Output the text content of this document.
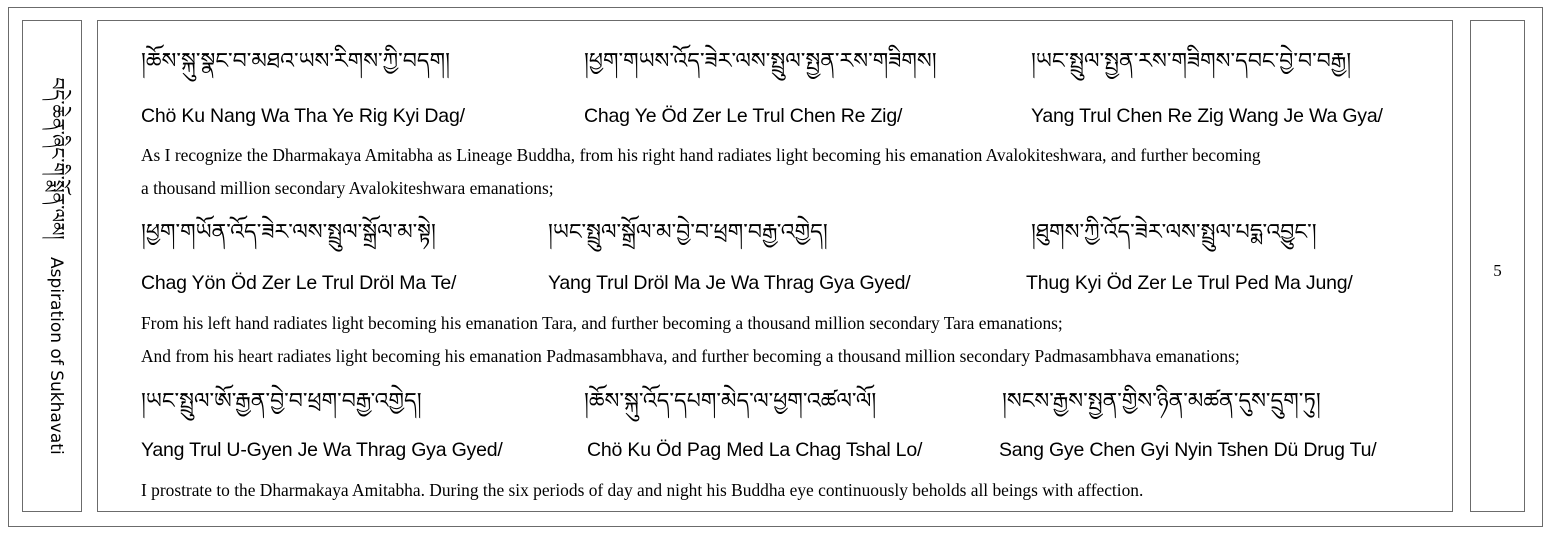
བདེ་ཆེན་ཞིང་གི་སྨོན་ལམ། Aspiration of Sukhavati	5
།ཆོས་སྐུ་སྣང་བ་མཐའ་ཡས་རིགས་ཀྱི་བདག།	།ཕྱག་གཡས་འོད་ཟེར་ལས་སྤྲུལ་སྤྱན་རས་གཟིགས།	།ཡང་སྤྲུལ་སྤྱན་རས་གཟིགས་དབང་བྱེ་བ་བརྒྱ།
Chö Ku Nang Wa Tha Ye Rig Kyi Dag/	Chag Ye Öd Zer Le Trul Chen Re Zig/	Yang Trul Chen Re Zig Wang Je Wa Gya/
As I recognize the Dharmakaya Amitabha as Lineage Buddha, from his right hand radiates light becoming his emanation Avalokiteshwara, and further becoming
a thousand million secondary Avalokiteshwara emanations;
།ཕྱག་གཡོན་འོད་ཟེར་ལས་སྤྲུལ་སྒྲོལ་མ་སྟེ།	།ཡང་སྤྲུལ་སྒྲོལ་མ་བྱེ་བ་ཕྲག་བརྒྱ་འགྱེད།	།ཐུགས་ཀྱི་འོད་ཟེར་ལས་སྤྲུལ་པདྨ་འབྱུང་།
Chag Yön Öd Zer Le Trul Dröl Ma Te/	Yang Trul Dröl Ma Je Wa Thrag Gya Gyed/	Thug Kyi Öd Zer Le Trul Ped Ma Jung/
From his left hand radiates light becoming his emanation Tara, and further becoming a thousand million secondary Tara emanations;
And from his heart radiates light becoming his emanation Padmasambhava, and further becoming a thousand million secondary Padmasambhava emanations;
།ཡང་སྤྲུལ་ཨོ་རྒྱན་བྱེ་བ་ཕྲག་བརྒྱ་འགྱེད།	།ཆོས་སྐུ་འོད་དཔག་མེད་ལ་ཕྱག་འཚལ་ལོ།	།སངས་རྒྱས་སྤྱན་གྱིས་ཉིན་མཚན་དུས་དྲུག་ཏུ།
Yang Trul U-Gyen Je Wa Thrag Gya Gyed/	Chö Ku Öd Pag Med La Chag Tshal Lo/	Sang Gye Chen Gyi Nyin Tshen Dü Drug Tu/
I prostrate to the Dharmakaya Amitabha. During the six periods of day and night his Buddha eye continuously beholds all beings with affection.
